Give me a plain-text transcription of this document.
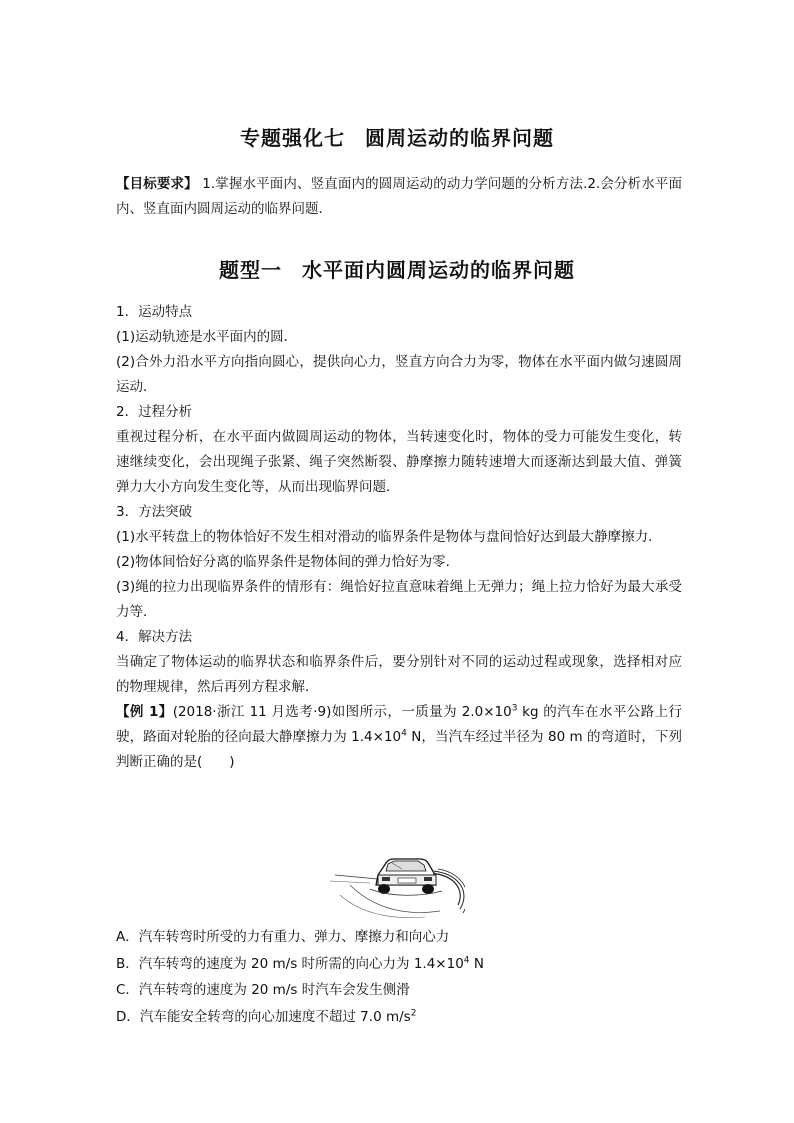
专题强化七 圆周运动的临界问题
【目标要求】 1.掌握水平面内、竖直面内的圆周运动的动力学问题的分析方法.2.会分析水平面内、竖直面内圆周运动的临界问题．
题型一 水平面内圆周运动的临界问题
1．运动特点
(1)运动轨迹是水平面内的圆．
(2)合外力沿水平方向指向圆心，提供向心力，竖直方向合力为零，物体在水平面内做匀速圆周运动．
2．过程分析
重视过程分析，在水平面内做圆周运动的物体，当转速变化时，物体的受力可能发生变化，转速继续变化，会出现绳子张紧、绳子突然断裂、静摩擦力随转速增大而逐渐达到最大值、弹簧弹力大小方向发生变化等，从而出现临界问题．
3．方法突破
(1)水平转盘上的物体恰好不发生相对滑动的临界条件是物体与盘间恰好达到最大静摩擦力．
(2)物体间恰好分离的临界条件是物体间的弹力恰好为零．
(3)绳的拉力出现临界条件的情形有：绳恰好拉直意味着绳上无弹力；绳上拉力恰好为最大承受力等．
4．解决方法
当确定了物体运动的临界状态和临界条件后，要分别针对不同的运动过程或现象，选择相对应的物理规律，然后再列方程求解．
【例 1】(2018·浙江 11 月选考·9)如图所示，一质量为 $2.0\times 10^3$ kg 的汽车在水平公路上行驶，路面对轮胎的径向最大静摩擦力为 $1.4\times 10^4$ N，当汽车经过半径为 80 m 的弯道时，下列判断正确的是(　　)
A．汽车转弯时所受的力有重力、弹力、摩擦力和向心力
B．汽车转弯的速度为 20 m/s 时所需的向心力为 $1.4\times 10^4$ N
C．汽车转弯的速度为 20 m/s 时汽车会发生侧滑
D．汽车能安全转弯的向心加速度不超过 7.0 $m/s^2$
